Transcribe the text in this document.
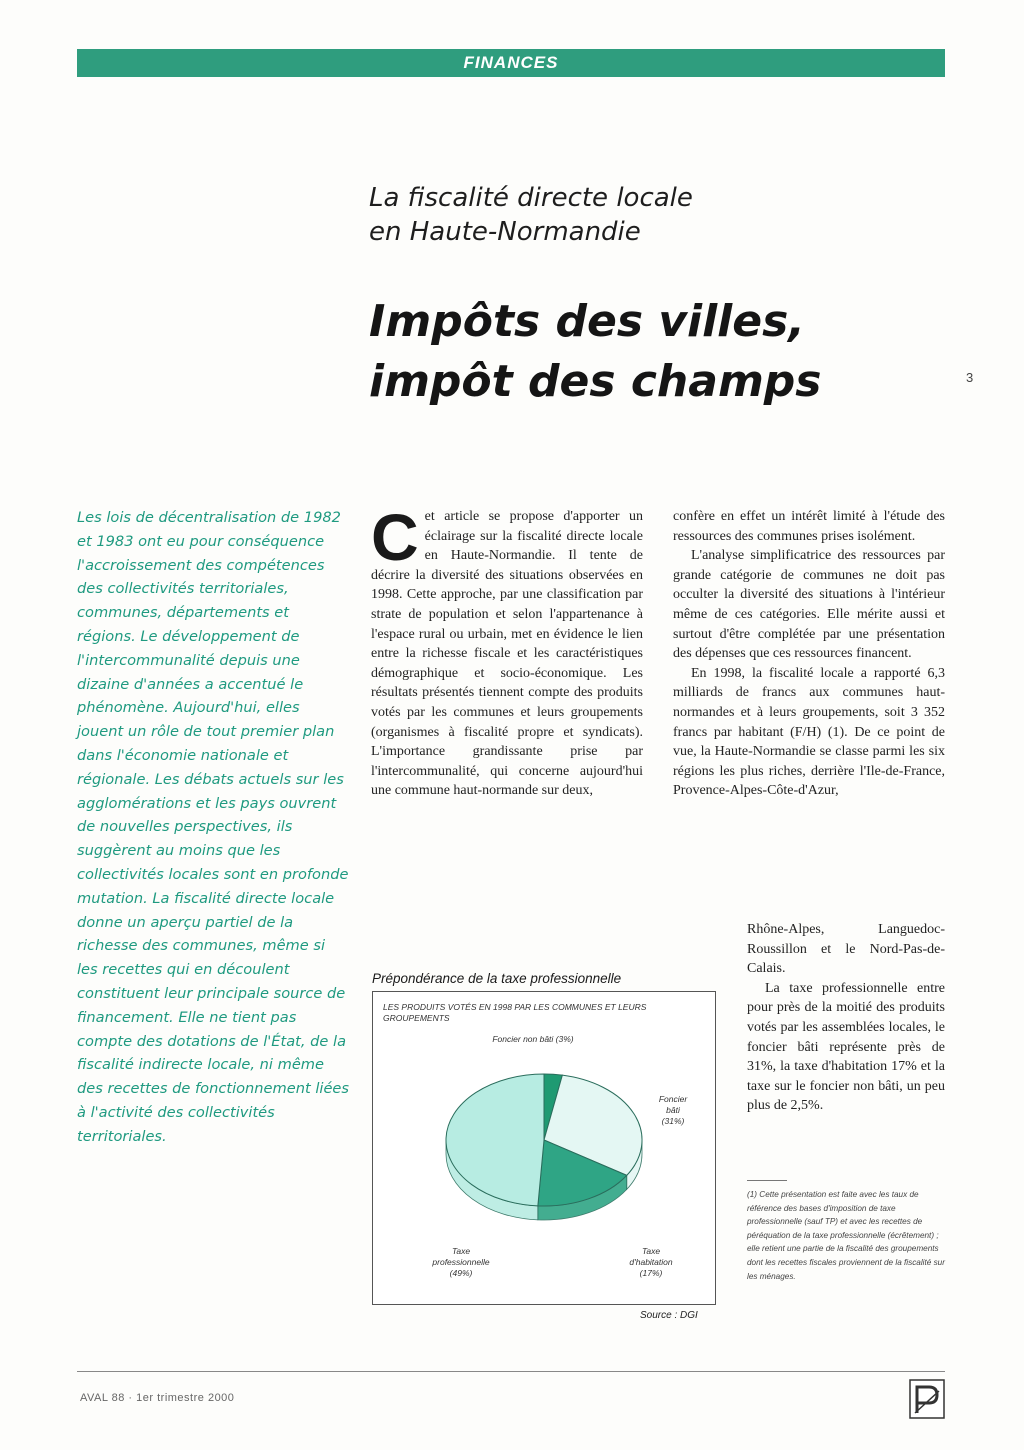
FINANCES
La fiscalité directe locale
en Haute-Normandie
Impôts des villes,
impôt des champs	3
Les lois de décentralisation de 1982 et 1983 ont eu pour conséquence l'accroissement des compétences des collectivités territoriales, communes, départements et régions. Le développement de l'intercommunalité depuis une dizaine d'années a accentué le phénomène. Aujourd'hui, elles jouent un rôle de tout premier plan dans l'économie nationale et régionale. Les débats actuels sur les agglomérations et les pays ouvrent de nouvelles perspectives, ils suggèrent au moins que les collectivités locales sont en profonde mutation. La fiscalité directe locale donne un aperçu partiel de la richesse des communes, même si les recettes qui en découlent constituent leur principale source de financement. Elle ne tient pas compte des dotations de l'État, de la fiscalité indirecte locale, ni même des recettes de fonctionnement liées à l'activité des collectivités territoriales.

Cet article se propose d'apporter un éclairage sur la fiscalité directe locale en Haute-Normandie. Il tente de décrire la diversité des situations observées en 1998. Cette approche, par une classification par strate de population et selon l'appartenance à l'espace rural ou urbain, met en évidence le lien entre la richesse fiscale et les caractéristiques démographique et socio-économique. Les résultats présentés tiennent compte des produits votés par les communes et leurs groupements (organismes à fiscalité propre et syndicats). L'importance grandissante prise par l'intercommunalité, qui concerne aujourd'hui une commune haut-normande sur deux,

confère en effet un intérêt limité à l'étude des ressources des communes prises isolément.

L'analyse simplificatrice des ressources par grande catégorie de communes ne doit pas occulter la diversité des situations à l'intérieur même de ces catégories. Elle mérite aussi et surtout d'être complétée par une présentation des dépenses que ces ressources financent.

En 1998, la fiscalité locale a rapporté 6,3 milliards de francs aux communes haut-normandes et à leurs groupements, soit 3 352 francs par habitant (F/H) (1). De ce point de vue, la Haute-Normandie se classe parmi les six régions les plus riches, derrière l'Ile-de-France, Provence-Alpes-Côte-d'Azur,

Rhône-Alpes, Languedoc-Roussillon et le Nord-Pas-de-Calais.

La taxe professionnelle entre pour près de la moitié des produits votés par les assemblées locales, le foncier bâti représente près de 31%, la taxe d'habitation 17% et la taxe sur le foncier non bâti, un peu plus de 2,5%.

Prépondérance de la taxe professionnelle
LES PRODUITS VOTÉS EN 1998 PAR LES COMMUNES ET LEURS GROUPEMENTS
Foncier non bâti (3%)
Foncier
bâti
(31%)
Taxe
d'habitation
(17%)
Taxe
professionnelle
(49%)
Source : DGI
(1) Cette présentation est faite avec les taux de référence des bases d'imposition de taxe professionnelle (sauf TP) et avec les recettes de péréquation de la taxe professionnelle (écrêtement) ; elle retient une partie de la fiscalité des groupements dont les recettes fiscales proviennent de la fiscalité sur les ménages.
AVAL 88 · 1er trimestre 2000
